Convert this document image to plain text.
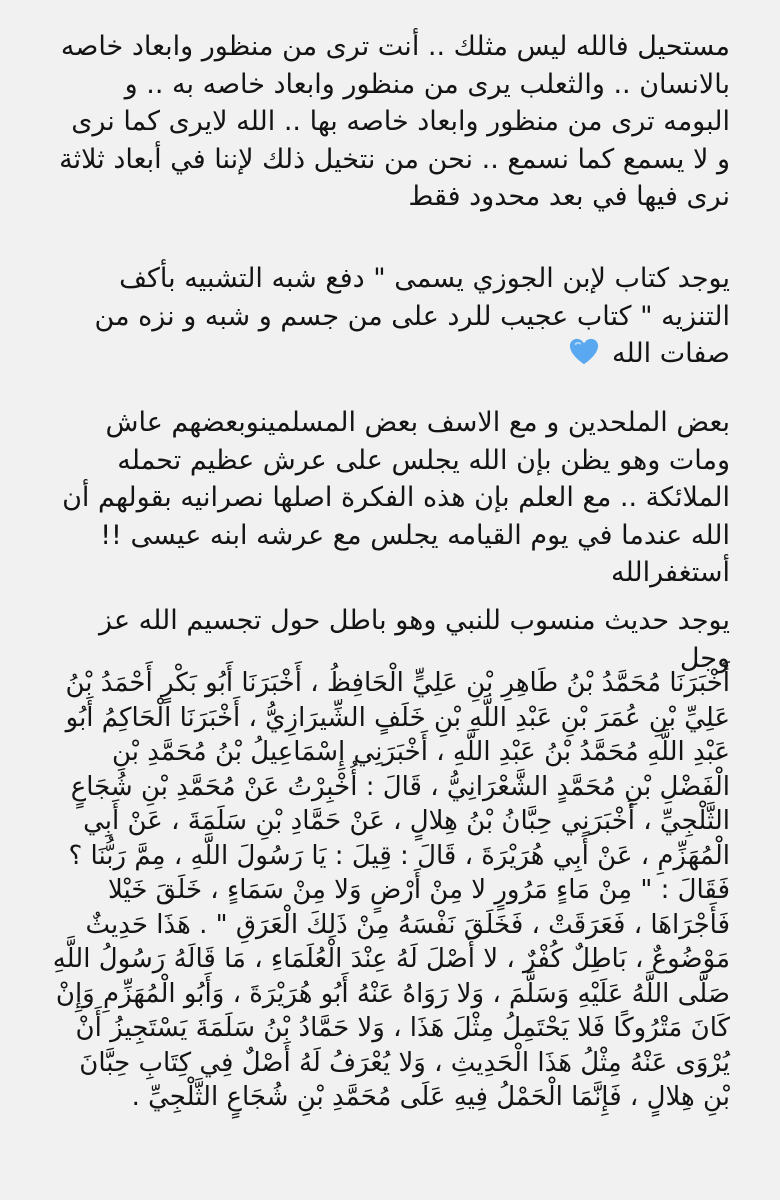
مستحيل فالله ليس مثلك .. أنت ترى من منظور وابعاد خاصه بالانسان .. والثعلب يرى من منظور وابعاد خاصه به .. و البومه ترى من منظور وابعاد خاصه بها .. الله لايرى كما نرى و لا يسمع كما نسمع .. نحن من نتخيل ذلك لإننا في أبعاد ثلاثة نرى فيها في بعد محدود فقط

يوجد كتاب لإبن الجوزي يسمى " دفع شبه التشبيه بأكف التنزيه " كتاب عجيب للرد على من جسم و شبه و نزه من صفات الله

بعض الملحدين و مع الاسف بعض المسلمينوبعضهم عاش ومات وهو يظن بإن الله يجلس على عرش عظيم تحمله الملائكة .. مع العلم بإن هذه الفكرة اصلها نصرانيه بقولهم أن الله عندما في يوم القيامه يجلس مع عرشه ابنه عيسى !! أستغفرالله

يوجد حديث منسوب للنبي وهو باطل حول تجسيم الله عز وجل

أَخْبَرَنَا مُحَمَّدُ بْنُ طَاهِرِ بْنِ عَلِيٍّ الْحَافِظُ ، أَخْبَرَنَا أَبُو بَكْرٍ أَحْمَدُ بْنُ عَلِيِّ بْنِ عُمَرَ بْنِ عَبْدِ اللَّهِ بْنِ خَلَفٍ الشِّيرَازِيُّ ، أَخْبَرَنَا الْحَاكِمُ أَبُو عَبْدِ اللَّهِ مُحَمَّدُ بْنُ عَبْدِ اللَّهِ ، أَخْبَرَنِي إِسْمَاعِيلُ بْنُ مُحَمَّدِ بْنِ الْفَضْلِ بْنِ مُحَمَّدٍ الشَّعْرَانِيُّ ، قَالَ : أُخْبِرْتُ عَنْ مُحَمَّدِ بْنِ شُجَاعٍ الثَّلْجِيِّ ، أَخْبَرَنِي حِبَّانُ بْنُ هِلالٍ ، عَنْ حَمَّادِ بْنِ سَلَمَةَ ، عَنْ أَبِي الْمُهَزِّمِ ، عَنْ أَبِي هُرَيْرَةَ ، قَالَ : قِيلَ : يَا رَسُولَ اللَّهِ ، مِمَّ رَبُّنَا ؟ فَقَالَ : " مِنْ مَاءٍ مَرُورٍ لا مِنْ أَرْضٍ وَلا مِنْ سَمَاءٍ ، خَلَقَ خَيْلا فَأَجْرَاهَا ، فَعَرَقَتْ ، فَخَلَقَ نَفْسَهُ مِنْ ذَلِكَ الْعَرَقِ " . هَذَا حَدِيثٌ مَوْضُوعٌ ، بَاطِلٌ كُفْرٌ ، لا أَصْلَ لَهُ عِنْدَ الْعُلَمَاءِ ، مَا قَالَهُ رَسُولُ اللَّهِ صَلَّى اللَّهُ عَلَيْهِ وَسَلَّمَ ، وَلا رَوَاهُ عَنْهُ أَبُو هُرَيْرَةَ ، وَأَبُو الْمُهَزِّمِ وَإِنْ كَانَ مَتْرُوكًا فَلا يَحْتَمِلُ مِثْلَ هَذَا ، وَلا حَمَّادُ بْنُ سَلَمَةَ يَسْتَجِيزُ أَنْ يُرْوَى عَنْهُ مِثْلُ هَذَا الْحَدِيثِ ، وَلا يُعْرَفُ لَهُ أَصْلٌ فِي كِتَابِ حِبَّانَ بْنِ هِلالٍ ، فَإِنَّمَا الْحَمْلُ فِيهِ عَلَى مُحَمَّدِ بْنِ شُجَاعٍ الثَّلْجِيِّ .
